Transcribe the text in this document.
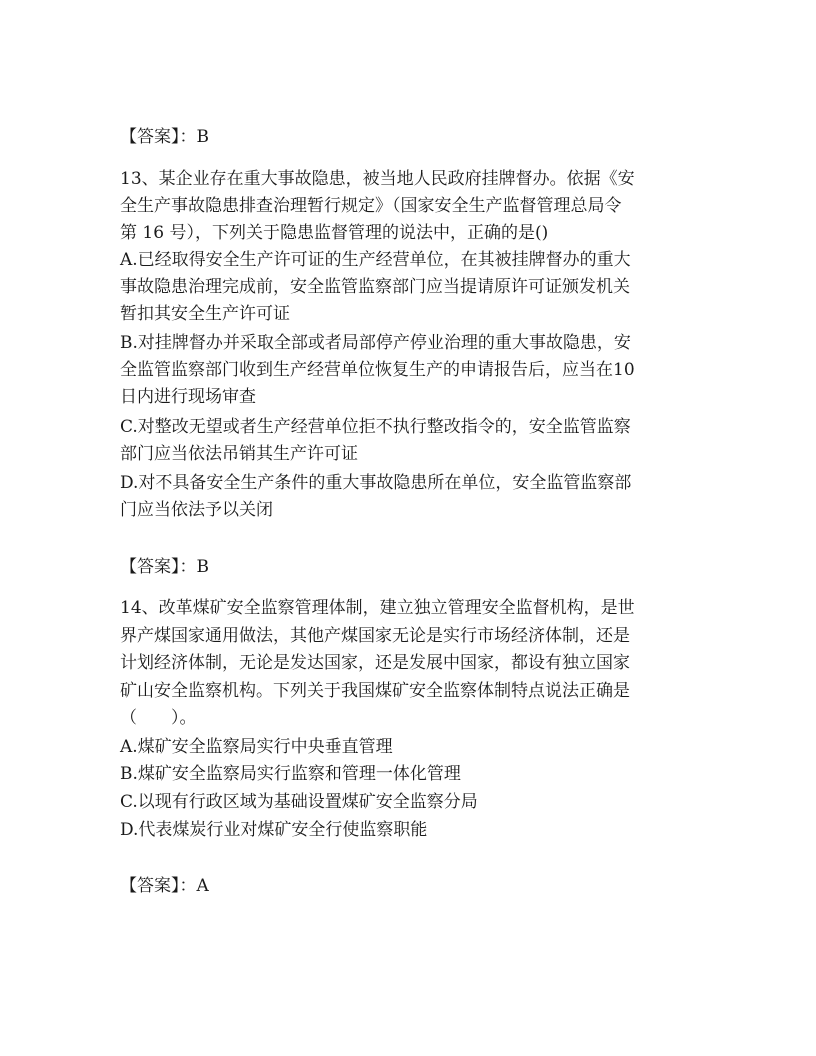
【答案】：B
13、某企业存在重大事故隐患，被当地人民政府挂牌督办。依据《安
全生产事故隐患排查治理暂行规定》（国家安全生产监督管理总局令
第 16 号），下列关于隐患监督管理的说法中，正确的是()
A.已经取得安全生产许可证的生产经营单位，在其被挂牌督办的重大
事故隐患治理完成前，安全监管监察部门应当提请原许可证颁发机关
暂扣其安全生产许可证
B.对挂牌督办并采取全部或者局部停产停业治理的重大事故隐患，安
全监管监察部门收到生产经营单位恢复生产的申请报告后，应当在10
日内进行现场审查
C.对整改无望或者生产经营单位拒不执行整改指令的，安全监管监察
部门应当依法吊销其生产许可证
D.对不具备安全生产条件的重大事故隐患所在单位，安全监管监察部
门应当依法予以关闭
【答案】：B
14、改革煤矿安全监察管理体制，建立独立管理安全监督机构，是世
界产煤国家通用做法，其他产煤国家无论是实行市场经济体制，还是
计划经济体制，无论是发达国家，还是发展中国家，都设有独立国家
矿山安全监察机构。下列关于我国煤矿安全监察体制特点说法正确是
（　　）。
A.煤矿安全监察局实行中央垂直管理
B.煤矿安全监察局实行监察和管理一体化管理
C.以现有行政区域为基础设置煤矿安全监察分局
D.代表煤炭行业对煤矿安全行使监察职能
【答案】：A
